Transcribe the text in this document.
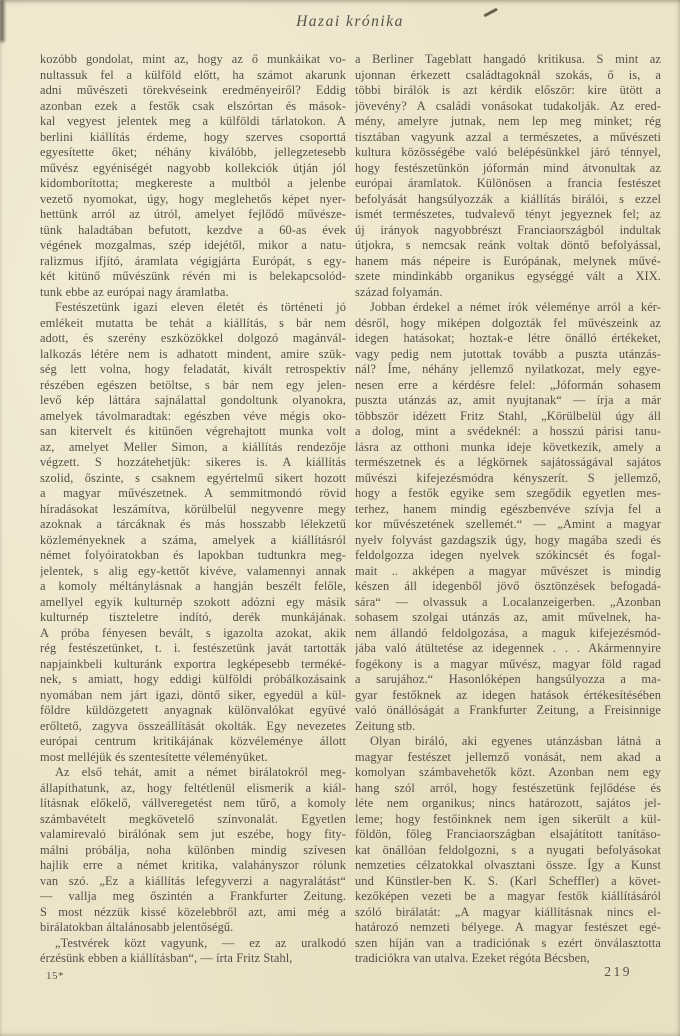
Hazai krónika
kozóbb gondolat, mint az, hogy az ő munkáikat vo-
nultassuk fel a külföld előtt, ha számot akarunk
adni művészeti törekvéseink eredményeiről? Eddig
azonban ezek a festők csak elszórtan és mások-
kal vegyest jelentek meg a külföldi tárlatokon. A
berlini kiállítás érdeme, hogy szerves csoporttá
egyesítette őket; néhány kiválóbb, jellegzetesebb
művész egyéniségét nagyobb kollekciók útján jól
kidomborította; megkereste a multból a jelenbe
vezető nyomokat, úgy, hogy meglehetős képet nyer-
hettünk arról az útról, amelyet fejlődő művésze-
tünk haladtában befutott, kezdve a 60-as évek
végének mozgalmas, szép idejétől, mikor a natu-
ralizmus ifjító, áramlata végigjárta Európát, s egy-
két kitünő művészünk révén mi is belekapcsolód-
tunk ebbe az európai nagy áramlatba.
Festészetünk igazi eleven életét és történeti jó
emlékeit mutatta be tehát a kiállítás, s bár nem
adott, és szerény eszközökkel dolgozó magánvál-
lalkozás létére nem is adhatott mindent, amire szük-
ség lett volna, hogy feladatát, kivált retrospektiv
részében egészen betöltse, s bár nem egy jelen-
levő kép láttára sajnálattal gondoltunk olyanokra,
amelyek távolmaradtak: egészben véve mégis oko-
san kitervelt és kitünően végrehajtott munka volt
az, amelyet Meller Simon, a kiállítás rendezője
végzett. S hozzátehetjük: sikeres is. A kiállítás
szolid, őszinte, s csaknem egyértelmű sikert hozott
a magyar művészetnek. A semmitmondó rövid
híradásokat leszámítva, körülbelül negyvenre megy
azoknak a tárcáknak és más hosszabb lélekzetű
közleményeknek a száma, amelyek a kiállításról
német folyóiratokban és lapokban tudtunkra meg-
jelentek, s alig egy-kettőt kivéve, valamennyi annak
a komoly méltánylásnak a hangján beszélt felőle,
amellyel egyik kulturnép szokott adózni egy másik
kulturnép tiszteletre indító, derék munkájának.
A próba fényesen bevált, s igazolta azokat, akik
rég festészetünket, t. i. festészetünk javát tartották
napjainkbeli kulturánk exportra legképesebb terméké-
nek, s amiatt, hogy eddigi külföldi próbálkozásaink
nyomában nem járt igazi, döntő siker, egyedül a kül-
földre küldözgetett anyagnak különvalókat együvé
erőltető, zagyva összeállítását okolták. Egy nevezetes
európai centrum kritikájának közvéleménye állott
most melléjük és szentesítette véleményüket.
Az első tehát, amit a német birálatokról meg-
állapíthatunk, az, hogy feltétlenül elismerik a kiál-
lításnak előkelő, vállveregetést nem tűrő, a komoly
számbavételt megkövetelő színvonalát. Egyetlen
valamirevaló birálónak sem jut eszébe, hogy fity-
málni próbálja, noha különben mindig szívesen
hajlik erre a német kritika, valahányszor rólunk
van szó. „Ez a kiállítás lefegyverzi a nagyralátást“
— vallja meg őszintén a Frankfurter Zeitung.
S most nézzük kissé közelebbről azt, ami még a
birálatokban általánosabb jelentőségű.
„Testvérek közt vagyunk, — ez az uralkodó
érzésünk ebben a kiállításban“, — írta Fritz Stahl,
a Berliner Tageblatt hangadó kritikusa. S mint az
ujonnan érkezett családtagoknál szokás, ő is, a
többi birálók is azt kérdik először: kire ütött a
jövevény? A családi vonásokat tudakolják. Az ered-
mény, amelyre jutnak, nem lep meg minket; rég
tisztában vagyunk azzal a természetes, a művészeti
kultura közösségébe való belépésünkkel járó ténnyel,
hogy festészetünkön jóformán mind átvonultak az
európai áramlatok. Különösen a francia festészet
befolyását hangsúlyozzák a kiállítás birálói, s ezzel
ismét természetes, tudvalevő tényt jegyeznek fel; az
új irányok nagyobbrészt Franciaországból indultak
útjokra, s nemcsak reánk voltak döntő befolyással,
hanem más népeire is Európának, melynek művé-
szete mindinkább organikus egységgé vált a XIX.
század folyamán.
Jobban érdekel a német írók véleménye arról a kér-
désről, hogy miképen dolgozták fel művészeink az
idegen hatásokat; hoztak-e létre önálló értékeket,
vagy pedig nem jutottak tovább a puszta utánzás-
nál? Íme, néhány jellemző nyilatkozat, mely egye-
nesen erre a kérdésre felel: „Jóformán sohasem
puszta utánzás az, amit nyujtanak“ — írja a már
többször idézett Fritz Stahl, „Körülbelül úgy áll
a dolog, mint a svédeknél: a hosszú párisi tanu-
lásra az otthoni munka ideje következik, amely a
természetnek és a légkörnek sajátosságával sajátos
művészi kifejezésmódra kényszerít. S jellemző,
hogy a festők egyike sem szegődik egyetlen mes-
terhez, hanem mindig egészbenvéve szívja fel a
kor művészetének szellemét.“ — „Amint a magyar
nyelv folyvást gazdagszik úgy, hogy magába szedi és
feldolgozza idegen nyelvek szókincsét és fogal-
mait .. akképen a magyar művészet is mindig
készen áll idegenből jövő ösztönzések befogadá-
sára“ — olvassuk a Localanzeigerben. „Azonban
sohasem szolgai utánzás az, amit művelnek, ha-
nem állandó feldolgozása, a maguk kifejezésmód-
jába való átültetése az idegennek . . . Akármennyire
fogékony is a magyar művész, magyar föld ragad
a sarujához.“ Hasonlóképen hangsúlyozza a ma-
gyar festőknek az idegen hatások értékesítésében
való önállóságát a Frankfurter Zeitung, a Freisinnige
Zeitung stb.
Olyan biráló, aki egyenes utánzásban látná a
magyar festészet jellemző vonását, nem akad a
komolyan számbavehetők közt. Azonban nem egy
hang szól arról, hogy festészetünk fejlődése és
léte nem organikus; nincs határozott, sajátos jel-
leme; hogy festőinknek nem igen sikerült a kül-
földön, főleg Franciaországban elsajátított tanításo-
kat önállóan feldolgozni, s a nyugati befolyásokat
nemzeties célzatokkal olvasztani össze. Így a Kunst
und Künstler-ben K. S. (Karl Scheffler) a követ-
kezőképen vezeti be a magyar festők kiállításáról
szóló birálatát: „A magyar kiállításnak nincs el-
határozó nemzeti bélyege. A magyar festészet egé-
szen híján van a tradiciónak s ezért önválasztotta
tradiciókra van utalva. Ezeket régóta Bécsben,
15*	219
